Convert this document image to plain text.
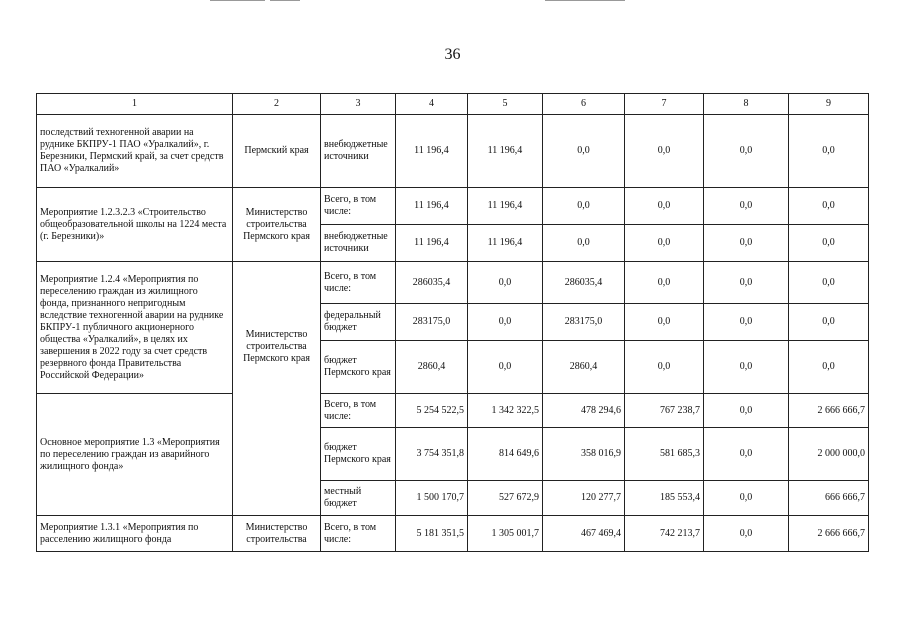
36
1	2	3	4	5	6	7	8	9
последствий техногенной аварии на руднике БКПРУ-1 ПАО «Уралкалий», г. Березники, Пермский край, за счет средств ПАО «Уралкалий»	Пермский края	внебюджетные источники	11 196,4	11 196,4	0,0	0,0	0,0	0,0
Мероприятие 1.2.3.2.3 «Строительство общеобразовательной школы на 1224 места (г. Березники)»	Министерство строительства Пермского края	Всего, в том числе:	11 196,4	11 196,4	0,0	0,0	0,0	0,0
		внебюджетные источники	11 196,4	11 196,4	0,0	0,0	0,0	0,0
Мероприятие 1.2.4 «Мероприятия по переселению граждан из жилищного фонда, признанного непригодным вследствие техногенной аварии на руднике БКПРУ-1 публичного акционерного общества «Уралкалий», в целях их завершения в 2022 году за счет средств резервного фонда Правительства Российской Федерации»	Министерство строительства Пермского края	Всего, в том числе:	286035,4	0,0	286035,4	0,0	0,0	0,0
		федеральный бюджет	283175,0	0,0	283175,0	0,0	0,0	0,0
		бюджет Пермского края	2860,4	0,0	2860,4	0,0	0,0	0,0
Основное мероприятие 1.3 «Мероприятия по переселению граждан из аварийного жилищного фонда»		Всего, в том числе:	5 254 522,5	1 342 322,5	478 294,6	767 238,7	0,0	2 666 666,7
		бюджет Пермского края	3 754 351,8	814 649,6	358 016,9	581 685,3	0,0	2 000 000,0
		местный бюджет	1 500 170,7	527 672,9	120 277,7	185 553,4	0,0	666 666,7
Мероприятие 1.3.1 «Мероприятия по расселению жилищного фонда	Министерство строительства	Всего, в том числе:	5 181 351,5	1 305 001,7	467 469,4	742 213,7	0,0	2 666 666,7
